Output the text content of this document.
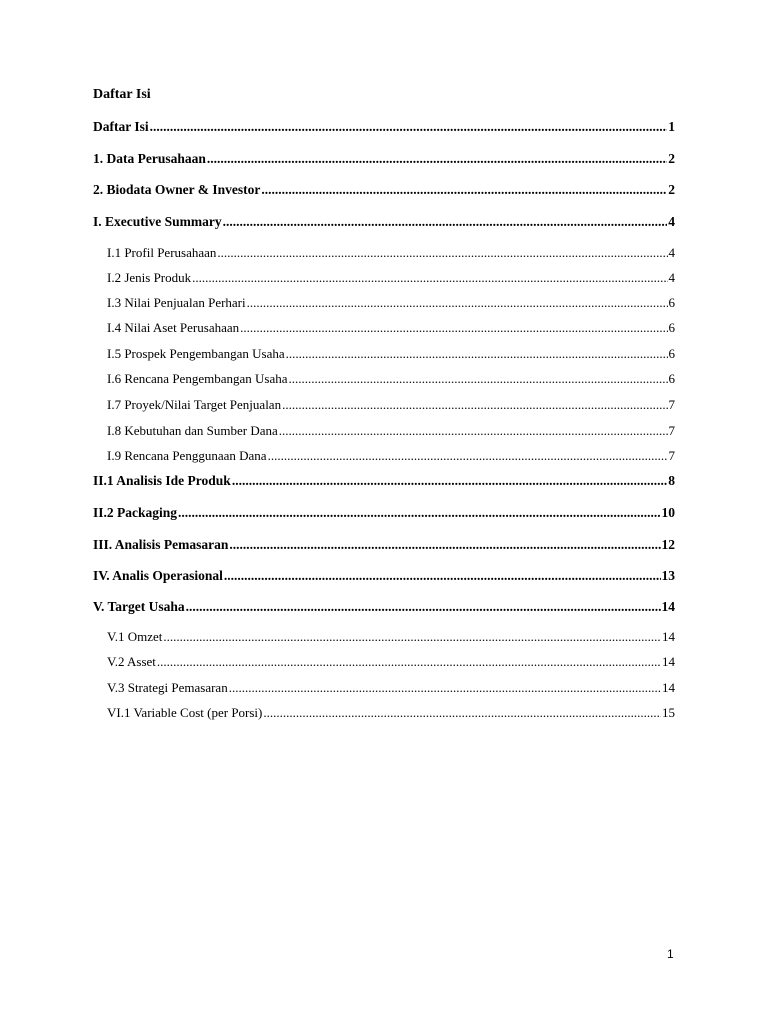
Daftar Isi
Daftar Isi .....	1
1. Data Perusahaan .....	2
2. Biodata Owner & Investor .....	2
I. Executive Summary .....	4
I.1 Profil Perusahaan .....	4
I.2 Jenis Produk .....	4
I.3 Nilai Penjualan Perhari .....	6
I.4 Nilai Aset Perusahaan .....	6
I.5 Prospek Pengembangan Usaha .....	6
I.6 Rencana Pengembangan Usaha .....	6
I.7 Proyek/Nilai Target Penjualan .....	7
I.8 Kebutuhan dan Sumber Dana .....	7
I.9 Rencana Penggunaan Dana .....	7
II.1 Analisis Ide Produk .....	8
II.2 Packaging .....	10
III. Analisis Pemasaran .....	12
IV. Analis Operasional .....	13
V. Target Usaha .....	14
V.1 Omzet .....	14
V.2 Asset .....	14
V.3 Strategi Pemasaran .....	14
VI.1 Variable Cost (per Porsi) .....	15
1
